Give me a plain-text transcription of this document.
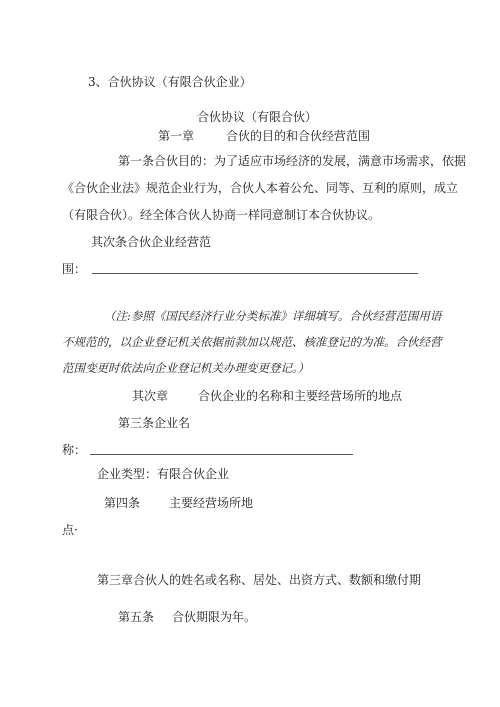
3、合伙协议（有限合伙企业）

合伙协议（有限合伙）

第一章	合伙的目的和合伙经营范围

第一条合伙目的：为了适应市场经济的发展，满意市场需求，依据

《合伙企业法》规范企业行为，合伙人本着公允、同等、互利的原则，成立

（有限合伙）。经全体合伙人协商一样同意制订本合伙协议。

其次条合伙企业经营范

围：

（注:参照《国民经济行业分类标准》详细填写。合伙经营范围用语

不规范的，以企业登记机关依据前款加以规范、核准登记的为准。合伙经营

范围变更时依法向企业登记机关办理变更登记。）

其次章 合伙企业的名称和主要经营场所的地点

第三条企业名

称：

企业类型：有限合伙企业

第四条 主要经营场所地

点·

第三章合伙人的姓名或名称、居处、出资方式、数额和缴付期

第五条 合伙期限为年。
